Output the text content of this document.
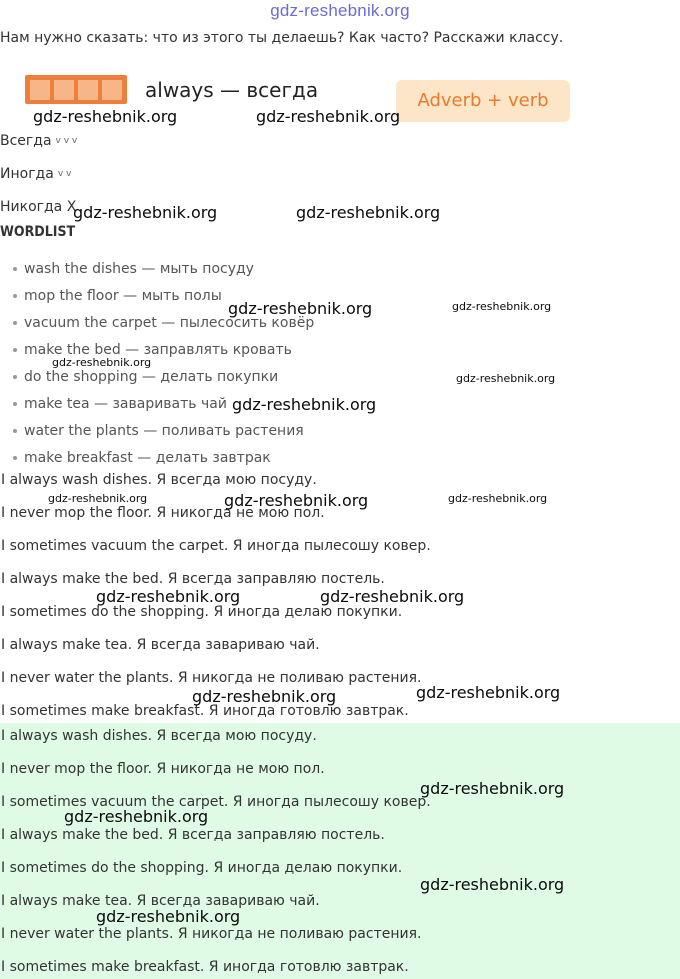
gdz-reshebnik.org
Нам нужно сказать: что из этого ты делаешь? Как часто? Расскажи классу.
always — всегда	Adverb + verb
Всегда v v v
Иногда v v
Никогда X
WORDLIST
wash the dishes — мыть посуду
mop the floor — мыть полы
vacuum the carpet — пылесосить ковёр
make the bed — заправлять кровать
do the shopping — делать покупки
make tea — заваривать чай
water the plants — поливать растения
make breakfast — делать завтрак
I always wash dishes. Я всегда мою посуду.
I never mop the floor. Я никогда не мою пол.
I sometimes vacuum the carpet. Я иногда пылесошу ковер.
I always make the bed. Я всегда заправляю постель.
I sometimes do the shopping. Я иногда делаю покупки.
I always make tea. Я всегда завариваю чай.
I never water the plants. Я никогда не поливаю растения.
I sometimes make breakfast. Я иногда готовлю завтрак.
I always wash dishes. Я всегда мою посуду.
I never mop the floor. Я никогда не мою пол.
I sometimes vacuum the carpet. Я иногда пылесошу ковер.
I always make the bed. Я всегда заправляю постель.
I sometimes do the shopping. Я иногда делаю покупки.
I always make tea. Я всегда завариваю чай.
I never water the plants. Я никогда не поливаю растения.
I sometimes make breakfast. Я иногда готовлю завтрак.
gdz-reshebnik.org	gdz-reshebnik.org
gdz-reshebnik.org	gdz-reshebnik.org
gdz-reshebnik.org	gdz-reshebnik.org
gdz-reshebnik.org
gdz-reshebnik.org
gdz-reshebnik.org
gdz-reshebnik.org	gdz-reshebnik.org	gdz-reshebnik.org
gdz-reshebnik.org	gdz-reshebnik.org
gdz-reshebnik.org	gdz-reshebnik.org
gdz-reshebnik.org
gdz-reshebnik.org
gdz-reshebnik.org
gdz-reshebnik.org
